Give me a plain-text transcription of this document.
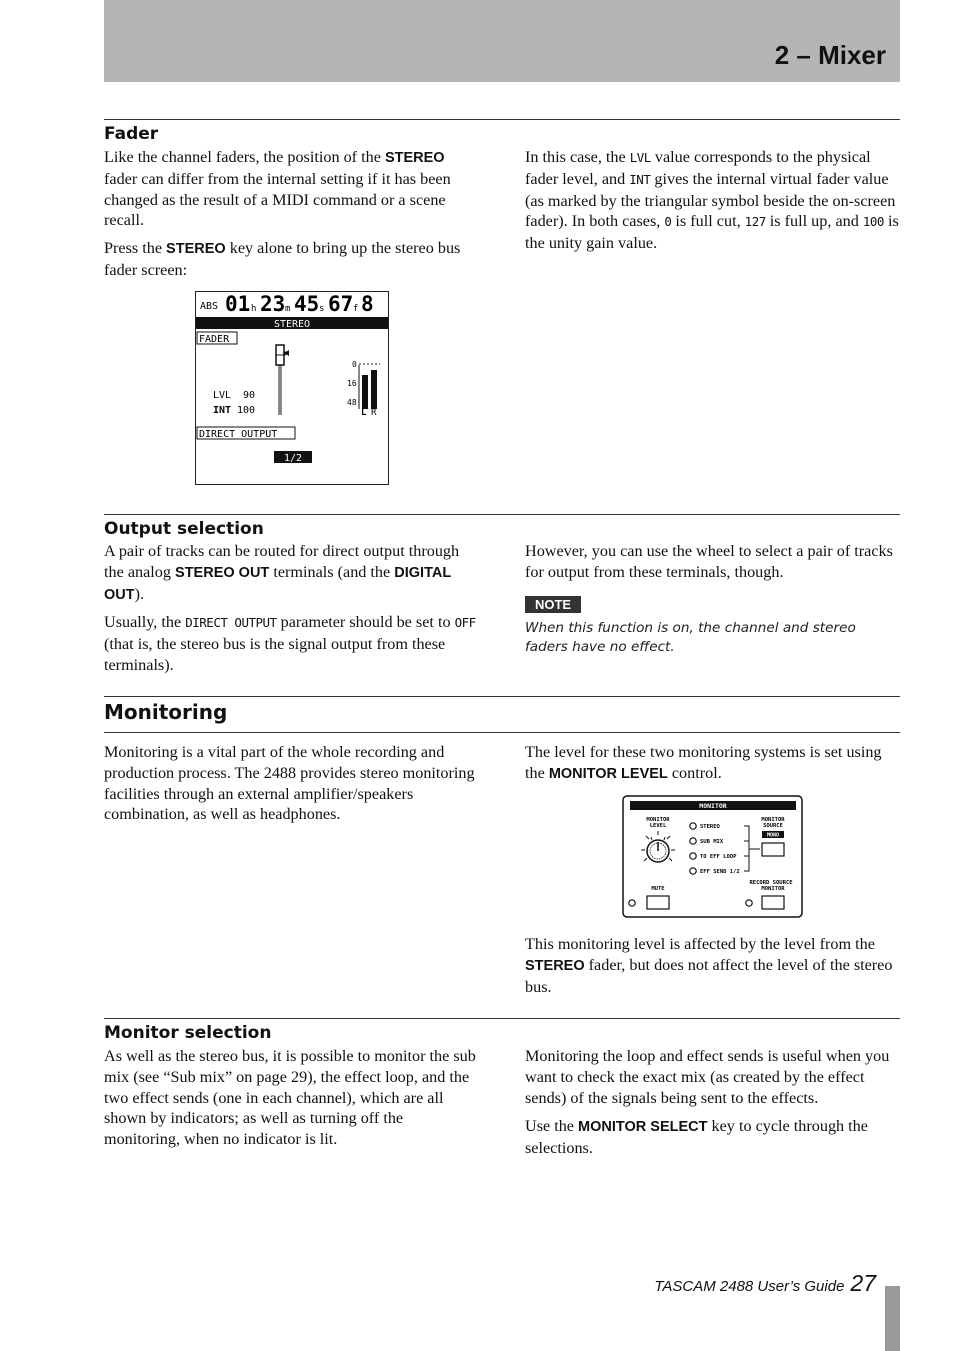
2 – Mixer
Fader

Like the channel faders, the position of the STEREO fader can differ from the internal setting if it has been changed as the result of a MIDI command or a scene recall.

Press the STEREO key alone to bring up the stereo bus fader screen:

In this case, the LVL value corresponds to the physical fader level, and INT gives the internal virtual fader value (as marked by the triangular symbol beside the on-screen fader). In both cases, 0 is full cut, 127 is full up, and 100 is the unity gain value.

ABS 01 h 23 m 45 s 67 f 8
STEREO
FADER
LVL 90
INT 100
0
16
48
L R
DIRECT OUTPUT
1/2
Output selection

A pair of tracks can be routed for direct output through the analog STEREO OUT terminals (and the DIGITAL OUT).

Usually, the DIRECT OUTPUT parameter should be set to OFF (that is, the stereo bus is the signal output from these terminals).

However, you can use the wheel to select a pair of tracks for output from these terminals, though.

NOTE
When this function is on, the channel and stereo faders have no effect.
Monitoring

Monitoring is a vital part of the whole recording and production process. The 2488 provides stereo monitoring facilities through an external amplifier/speakers combination, as well as headphones.

The level for these two monitoring systems is set using the MONITOR LEVEL control.

MONITOR
MONITOR
LEVEL	STEREO
SUB MIX
TO EFF LOOP
EFF SEND 1/2
MONITOR
SOURCE
MONO
MUTE
RECORD SOURCE
MONITOR

This monitoring level is affected by the level from the STEREO fader, but does not affect the level of the stereo bus.

Monitor selection

As well as the stereo bus, it is possible to monitor the sub mix (see “Sub mix” on page 29), the effect loop, and the two effect sends (one in each channel), which are all shown by indicators; as well as turning off the monitoring, when no indicator is lit.

Monitoring the loop and effect sends is useful when you want to check the exact mix (as created by the effect sends) of the signals being sent to the effects.

Use the MONITOR SELECT key to cycle through the selections.

TASCAM 2488 User’s Guide 27
